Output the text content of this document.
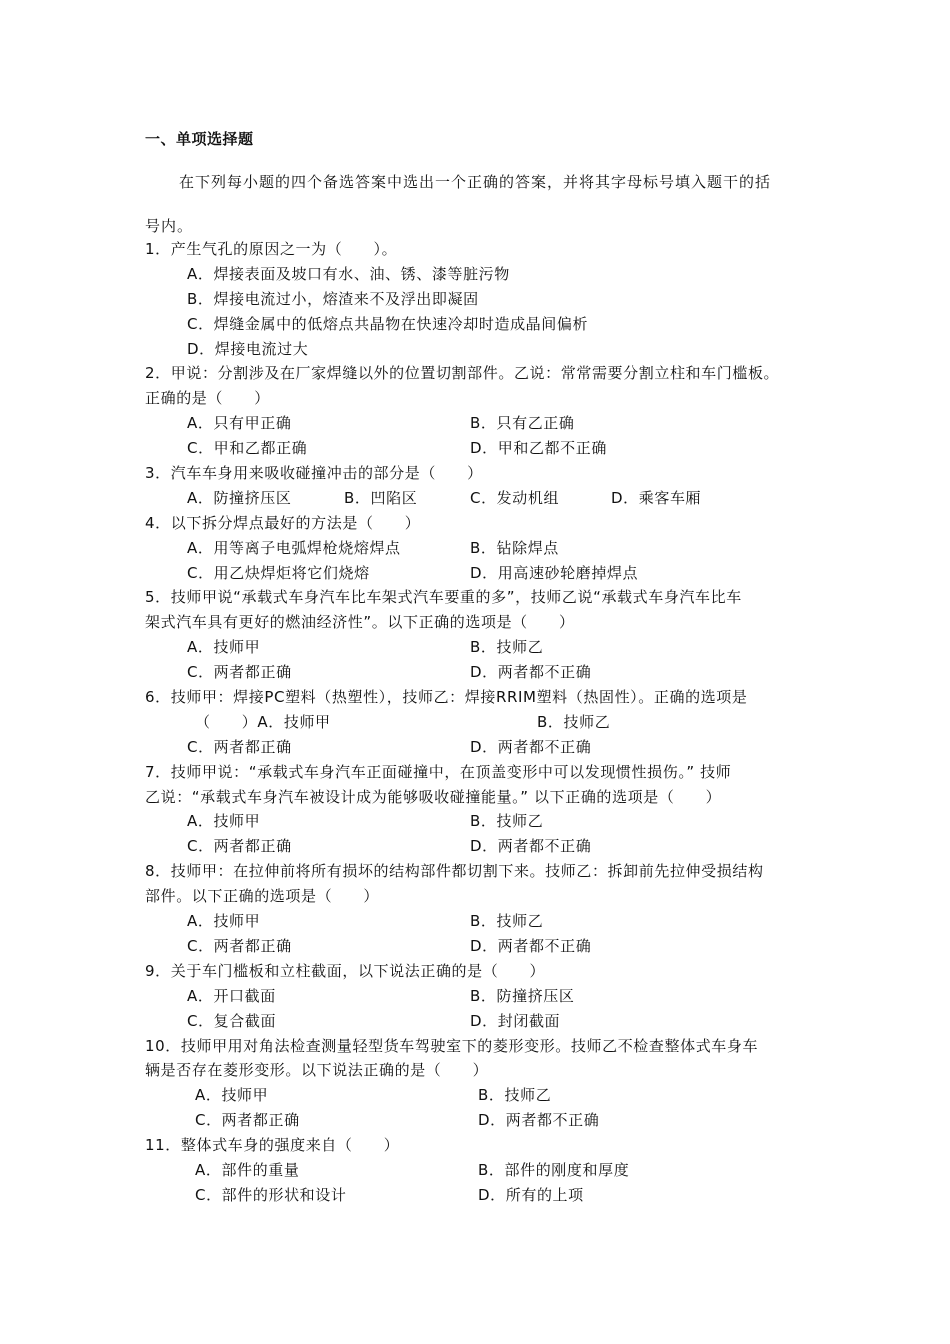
一、单项选择题
在下列每小题的四个备选答案中选出一个正确的答案，并将其字母标号填入题干的括
号内。
1．产生气孔的原因之一为（　　）。
A．焊接表面及坡口有水、油、锈、漆等脏污物
B．焊接电流过小，熔渣来不及浮出即凝固
C．焊缝金属中的低熔点共晶物在快速冷却时造成晶间偏析
D．焊接电流过大
2．甲说：分割涉及在厂家焊缝以外的位置切割部件。乙说：常常需要分割立柱和车门槛板。
正确的是（　　）
A．只有甲正确	B．只有乙正确
C．甲和乙都正确	D．甲和乙都不正确
3．汽车车身用来吸收碰撞冲击的部分是（　　）
A．防撞挤压区	B．凹陷区	C．发动机组	D．乘客车厢
4．以下拆分焊点最好的方法是（　　）
A．用等离子电弧焊枪烧熔焊点	B．钻除焊点
C．用乙炔焊炬将它们烧熔	D．用高速砂轮磨掉焊点
5．技师甲说“承载式车身汽车比车架式汽车要重的多”，技师乙说“承载式车身汽车比车
架式汽车具有更好的燃油经济性”。以下正确的选项是（　　）
A．技师甲	B．技师乙
C．两者都正确	D．两者都不正确
6．技师甲：焊接PC塑料（热塑性），技师乙：焊接RRIM塑料（热固性）。正确的选项是
（　　）A．技师甲	B．技师乙
C．两者都正确	D．两者都不正确
7．技师甲说：“承载式车身汽车正面碰撞中，在顶盖变形中可以发现惯性损伤。” 技师
乙说：“承载式车身汽车被设计成为能够吸收碰撞能量。” 以下正确的选项是（　　）
A．技师甲	B．技师乙
C．两者都正确	D．两者都不正确
8．技师甲：在拉伸前将所有损坏的结构部件都切割下来。技师乙：拆卸前先拉伸受损结构
部件。以下正确的选项是（　　）
A．技师甲	B．技师乙
C．两者都正确	D．两者都不正确
9．关于车门槛板和立柱截面，以下说法正确的是（　　）
A．开口截面	B．防撞挤压区
C．复合截面	D．封闭截面
10．技师甲用对角法检查测量轻型货车驾驶室下的菱形变形。技师乙不检查整体式车身车
辆是否存在菱形变形。以下说法正确的是（　　）
A．技师甲	B．技师乙
C．两者都正确	D．两者都不正确
11．整体式车身的强度来自（　　）
A．部件的重量	B．部件的刚度和厚度
C．部件的形状和设计	D．所有的上项
